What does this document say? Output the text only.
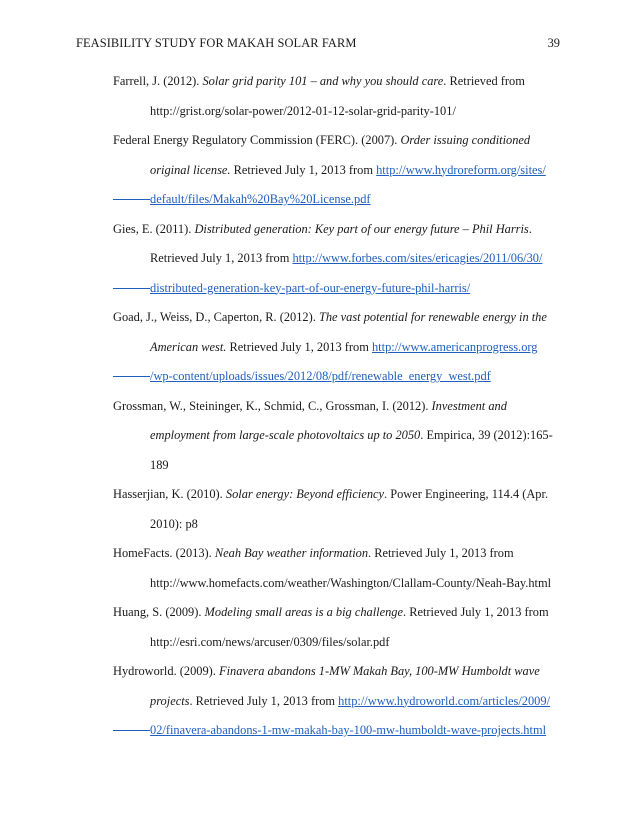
FEASIBILITY STUDY FOR MAKAH SOLAR FARM	39
Farrell, J. (2012). Solar grid parity 101 – and why you should care. Retrieved from
http://grist.org/solar-power/2012-01-12-solar-grid-parity-101/
Federal Energy Regulatory Commission (FERC). (2007). Order issuing conditioned
original license. Retrieved July 1, 2013 from http://www.hydroreform.org/sites/
default/files/Makah%20Bay%20License.pdf
Gies, E. (2011). Distributed generation: Key part of our energy future – Phil Harris.
Retrieved July 1, 2013 from http://www.forbes.com/sites/ericagies/2011/06/30/
distributed-generation-key-part-of-our-energy-future-phil-harris/
Goad, J., Weiss, D., Caperton, R. (2012). The vast potential for renewable energy in the
American west. Retrieved July 1, 2013 from http://www.americanprogress.org
/wp-content/uploads/issues/2012/08/pdf/renewable_energy_west.pdf
Grossman, W., Steininger, K., Schmid, C., Grossman, I. (2012). Investment and
employment from large-scale photovoltaics up to 2050. Empirica, 39 (2012):165-
189
Hasserjian, K. (2010). Solar energy: Beyond efficiency. Power Engineering, 114.4 (Apr.
2010): p8
HomeFacts. (2013). Neah Bay weather information. Retrieved July 1, 2013 from
http://www.homefacts.com/weather/Washington/Clallam-County/Neah-Bay.html
Huang, S. (2009). Modeling small areas is a big challenge. Retrieved July 1, 2013 from
http://esri.com/news/arcuser/0309/files/solar.pdf
Hydroworld. (2009). Finavera abandons 1-MW Makah Bay, 100-MW Humboldt wave
projects. Retrieved July 1, 2013 from http://www.hydroworld.com/articles/2009/
02/finavera-abandons-1-mw-makah-bay-100-mw-humboldt-wave-projects.html
